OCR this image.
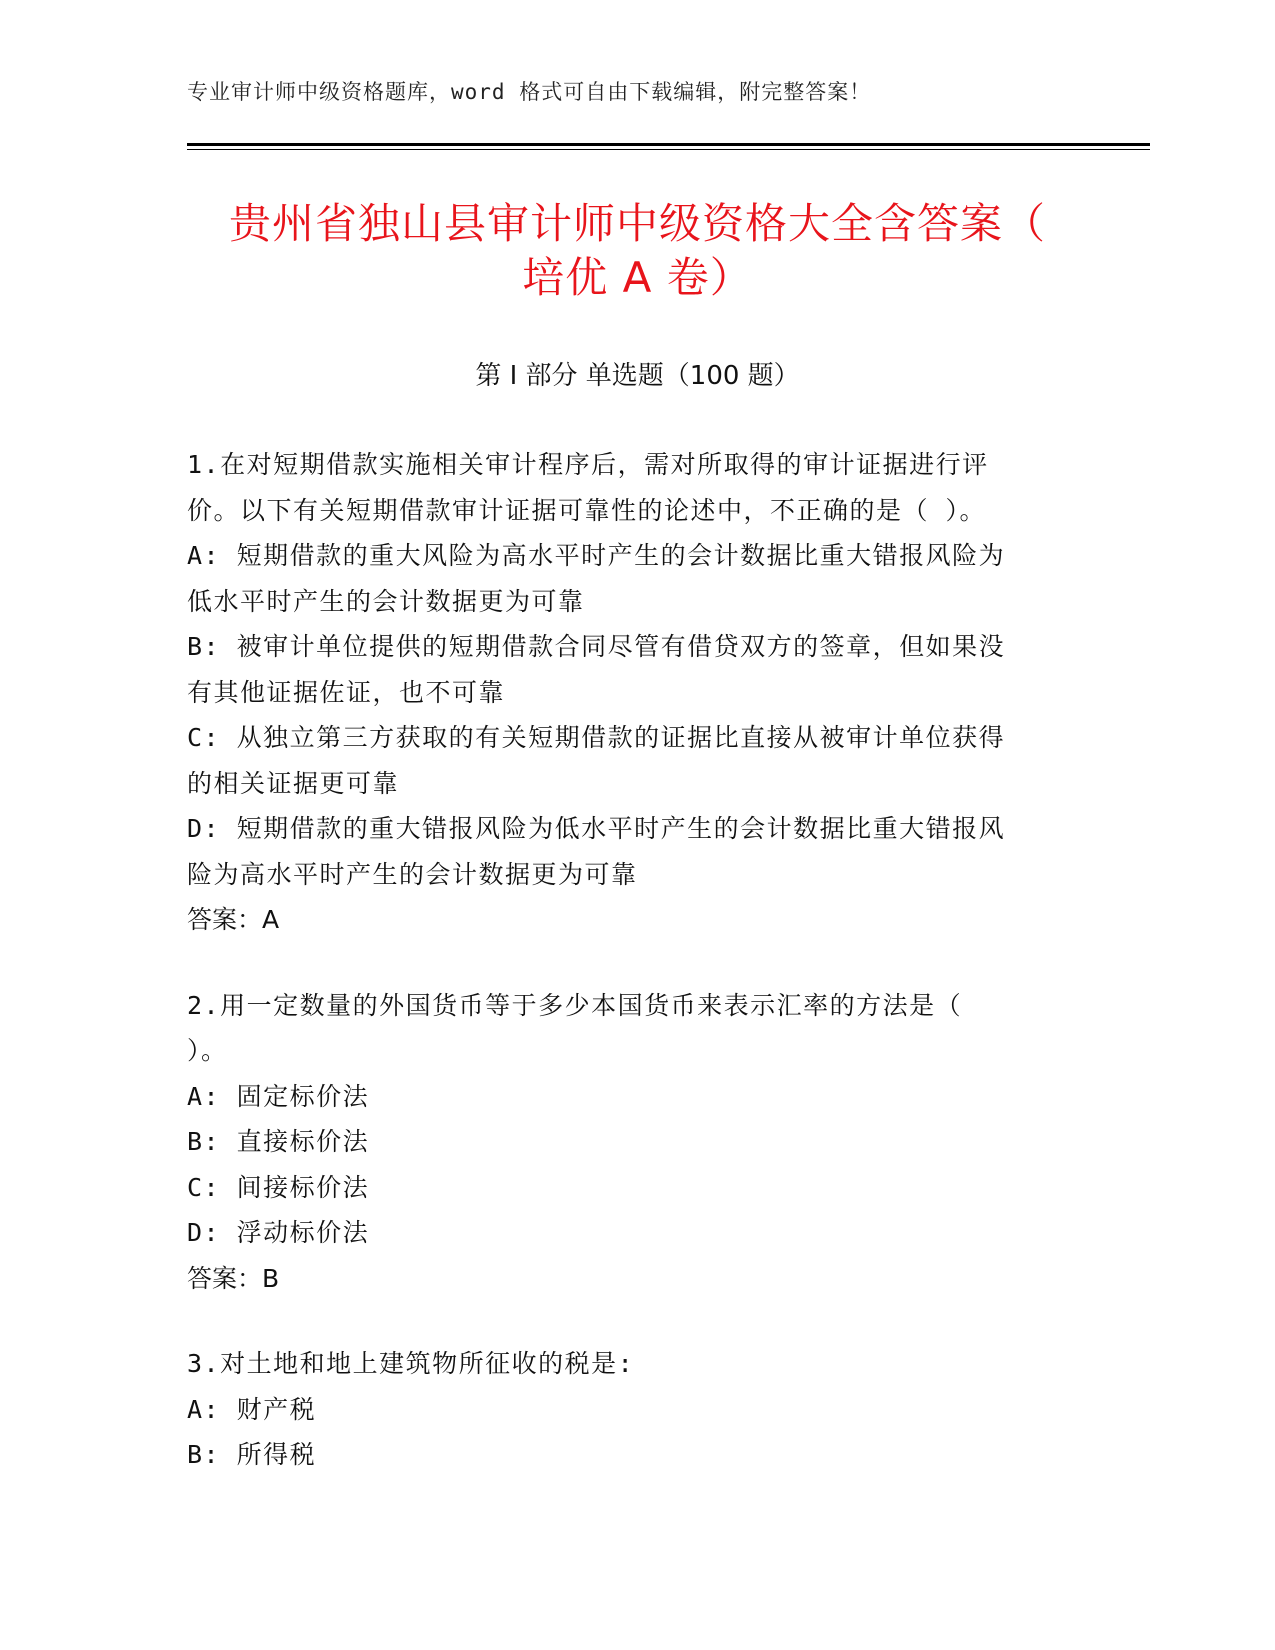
专业审计师中级资格题库，word 格式可自由下载编辑，附完整答案！
贵州省独山县审计师中级资格大全含答案（
培优 A 卷）
第 I 部分 单选题（100 题）
1.在对短期借款实施相关审计程序后，需对所取得的审计证据进行评
价。以下有关短期借款审计证据可靠性的论述中，不正确的是（ ）。
A: 短期借款的重大风险为高水平时产生的会计数据比重大错报风险为
低水平时产生的会计数据更为可靠
B: 被审计单位提供的短期借款合同尽管有借贷双方的签章，但如果没
有其他证据佐证，也不可靠
C: 从独立第三方获取的有关短期借款的证据比直接从被审计单位获得
的相关证据更可靠
D: 短期借款的重大错报风险为低水平时产生的会计数据比重大错报风
险为高水平时产生的会计数据更为可靠
答案：A
2.用一定数量的外国货币等于多少本国货币来表示汇率的方法是（
）。
A: 固定标价法
B: 直接标价法
C: 间接标价法
D: 浮动标价法
答案：B
3.对土地和地上建筑物所征收的税是:
A: 财产税
B: 所得税
